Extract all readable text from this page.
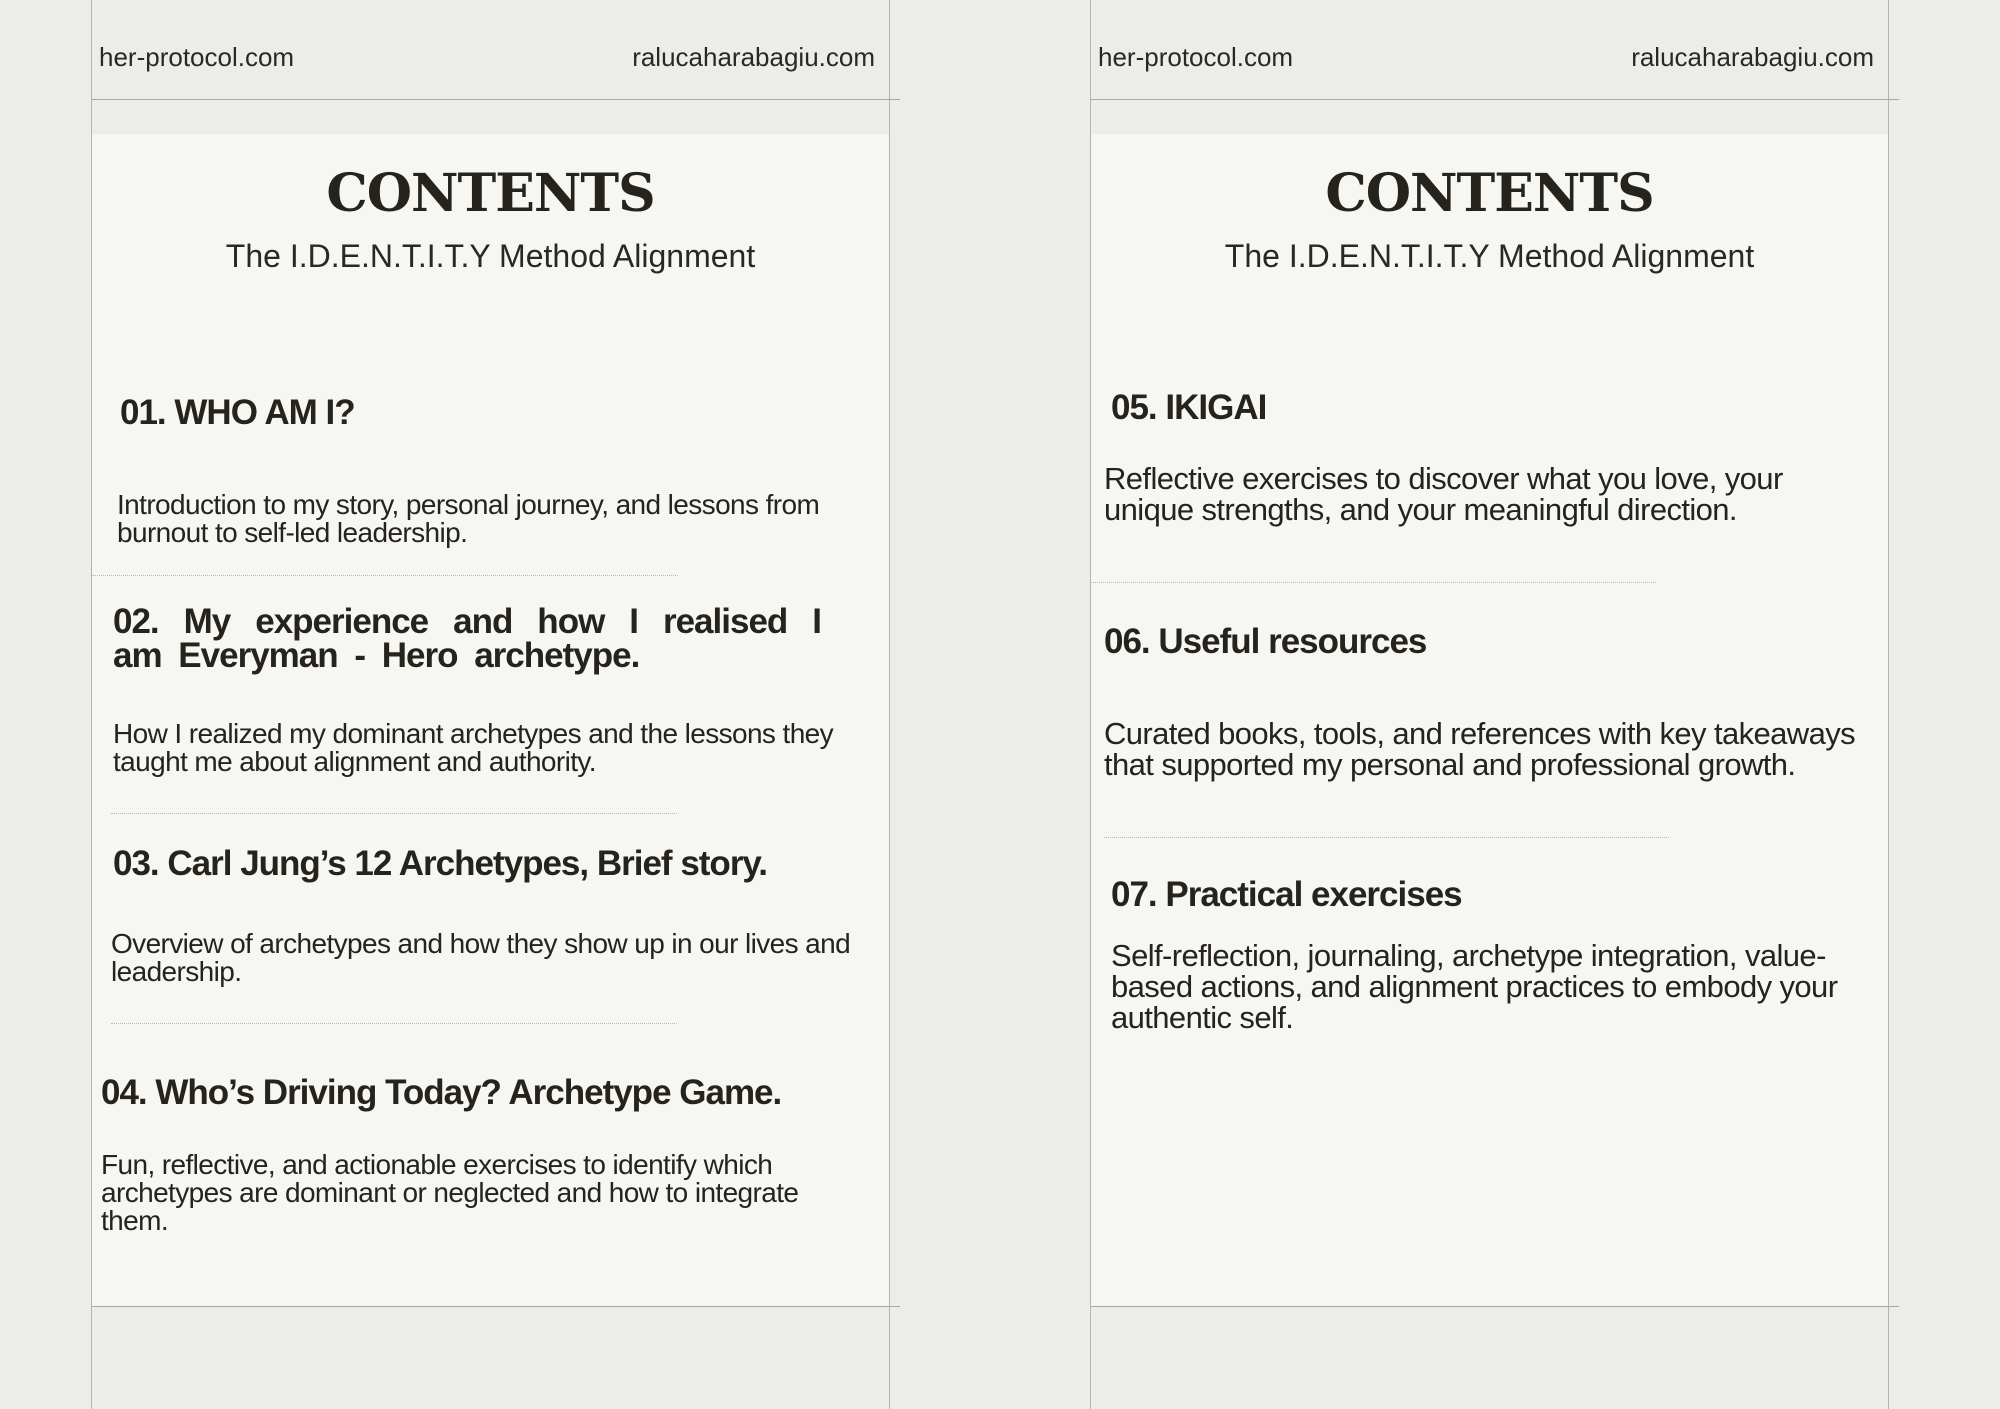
her-protocol.com	ralucaharabagiu.com
CONTENTS
The I.D.E.N.T.I.T.Y Method Alignment
01. WHO AM I?
Introduction to my story, personal journey, and lessons from burnout to self-led leadership.
02. My experience and how I realised I am Everyman - Hero archetype.
How I realized my dominant archetypes and the lessons they taught me about alignment and authority.
03. Carl Jung’s 12 Archetypes, Brief story.
Overview of archetypes and how they show up in our lives and leadership.
04. Who’s Driving Today? Archetype Game.
Fun, reflective, and actionable exercises to identify which archetypes are dominant or neglected and how to integrate them.
her-protocol.com	ralucaharabagiu.com
CONTENTS
The I.D.E.N.T.I.T.Y Method Alignment
05. IKIGAI
Reflective exercises to discover what you love, your unique strengths, and your meaningful direction.
06. Useful resources
Curated books, tools, and references with key takeaways that supported my personal and professional growth.
07. Practical exercises
Self-reflection, journaling, archetype integration, value-based actions, and alignment practices to embody your authentic self.
